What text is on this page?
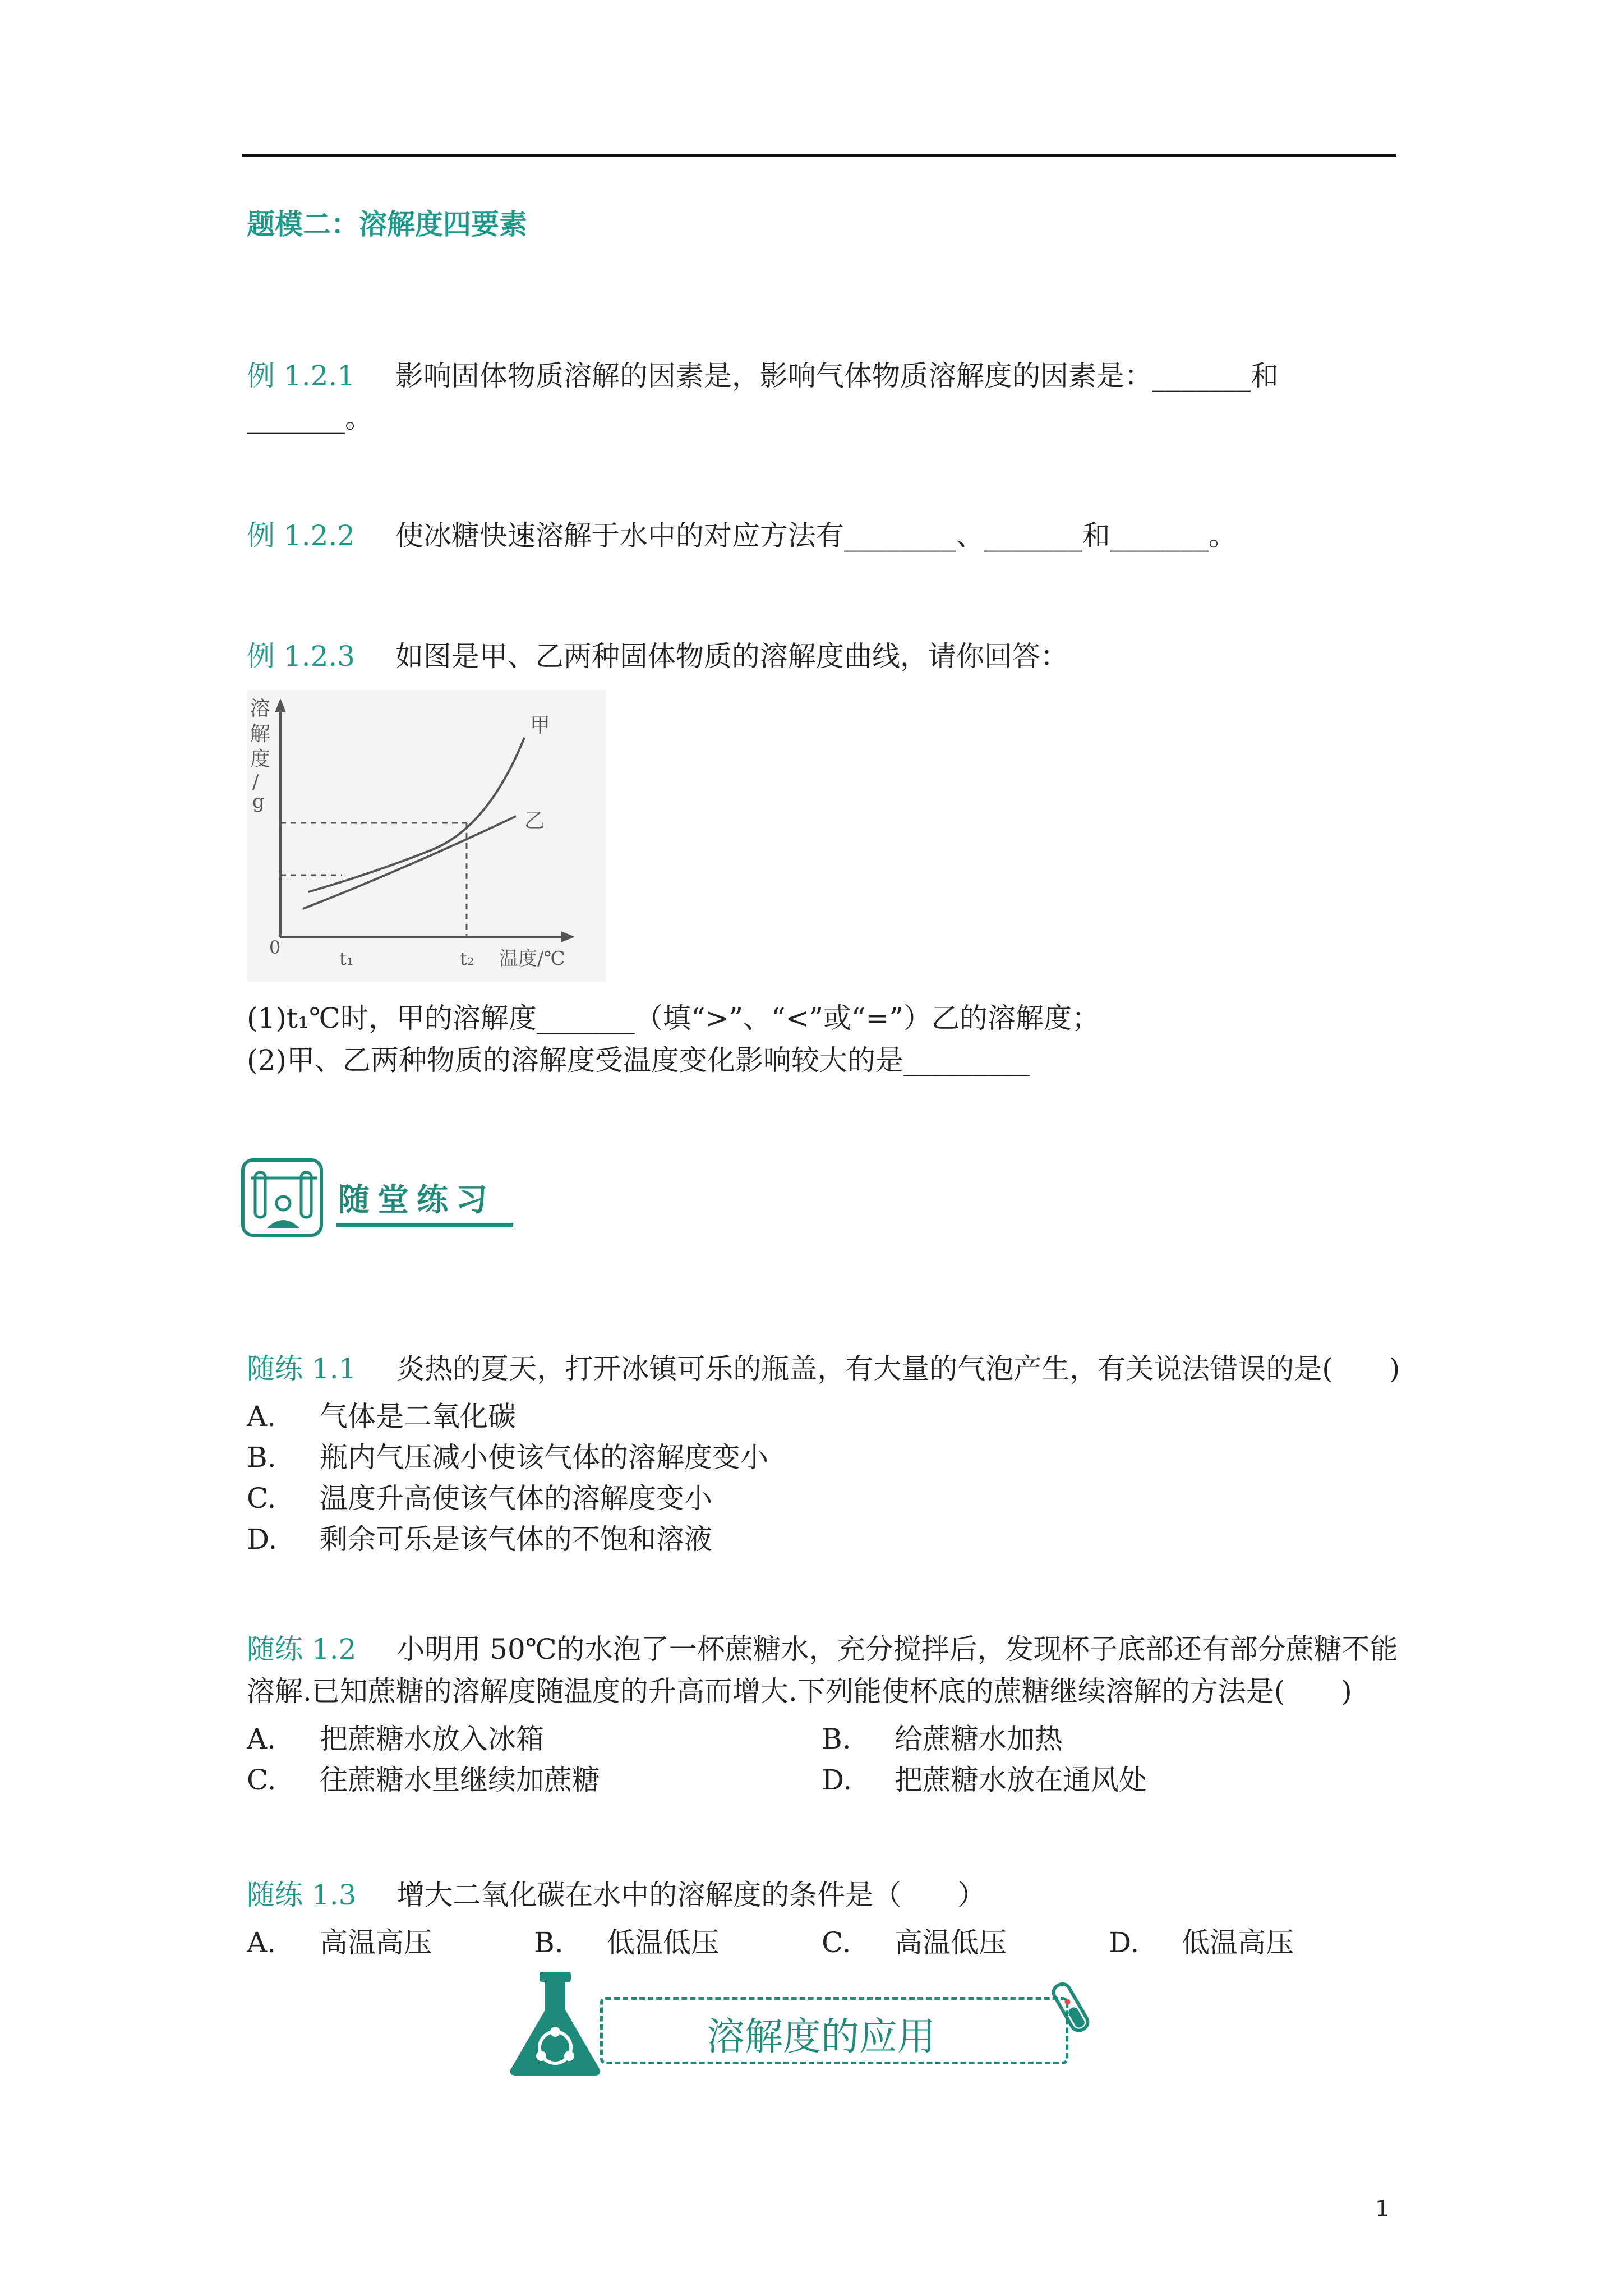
题模二：溶解度四要素
例 1.2.1 影响固体物质溶解的因素是，影响气体物质溶解度的因素是：_______和
_______。
例 1.2.2 使冰糖快速溶解于水中的对应方法有________、_______和_______。
例 1.2.3 如图是甲、乙两种固体物质的溶解度曲线，请你回答：
溶
解
度
/
g
0
t₁	t₂ 温度/℃
甲
乙
(1)t₁℃时，甲的溶解度_______（填“>”、“<”或“=”）乙的溶解度；
(2)甲、乙两种物质的溶解度受温度变化影响较大的是_________
随堂练习
随练 1.1 炎热的夏天，打开冰镇可乐的瓶盖，有大量的气泡产生，有关说法错误的是(　　)
A. 气体是二氧化碳
B. 瓶内气压减小使该气体的溶解度变小
C. 温度升高使该气体的溶解度变小
D. 剩余可乐是该气体的不饱和溶液
随练 1.2 小明用 50℃的水泡了一杯蔗糖水，充分搅拌后，发现杯子底部还有部分蔗糖不能
溶解.已知蔗糖的溶解度随温度的升高而增大.下列能使杯底的蔗糖继续溶解的方法是(　　)
A. 把蔗糖水放入冰箱	B. 给蔗糖水加热
C. 往蔗糖水里继续加蔗糖	D. 把蔗糖水放在通风处
随练 1.3 增大二氧化碳在水中的溶解度的条件是（　　）
A. 高温高压	B. 低温低压	C. 高温低压	D. 低温高压
溶解度的应用
1
